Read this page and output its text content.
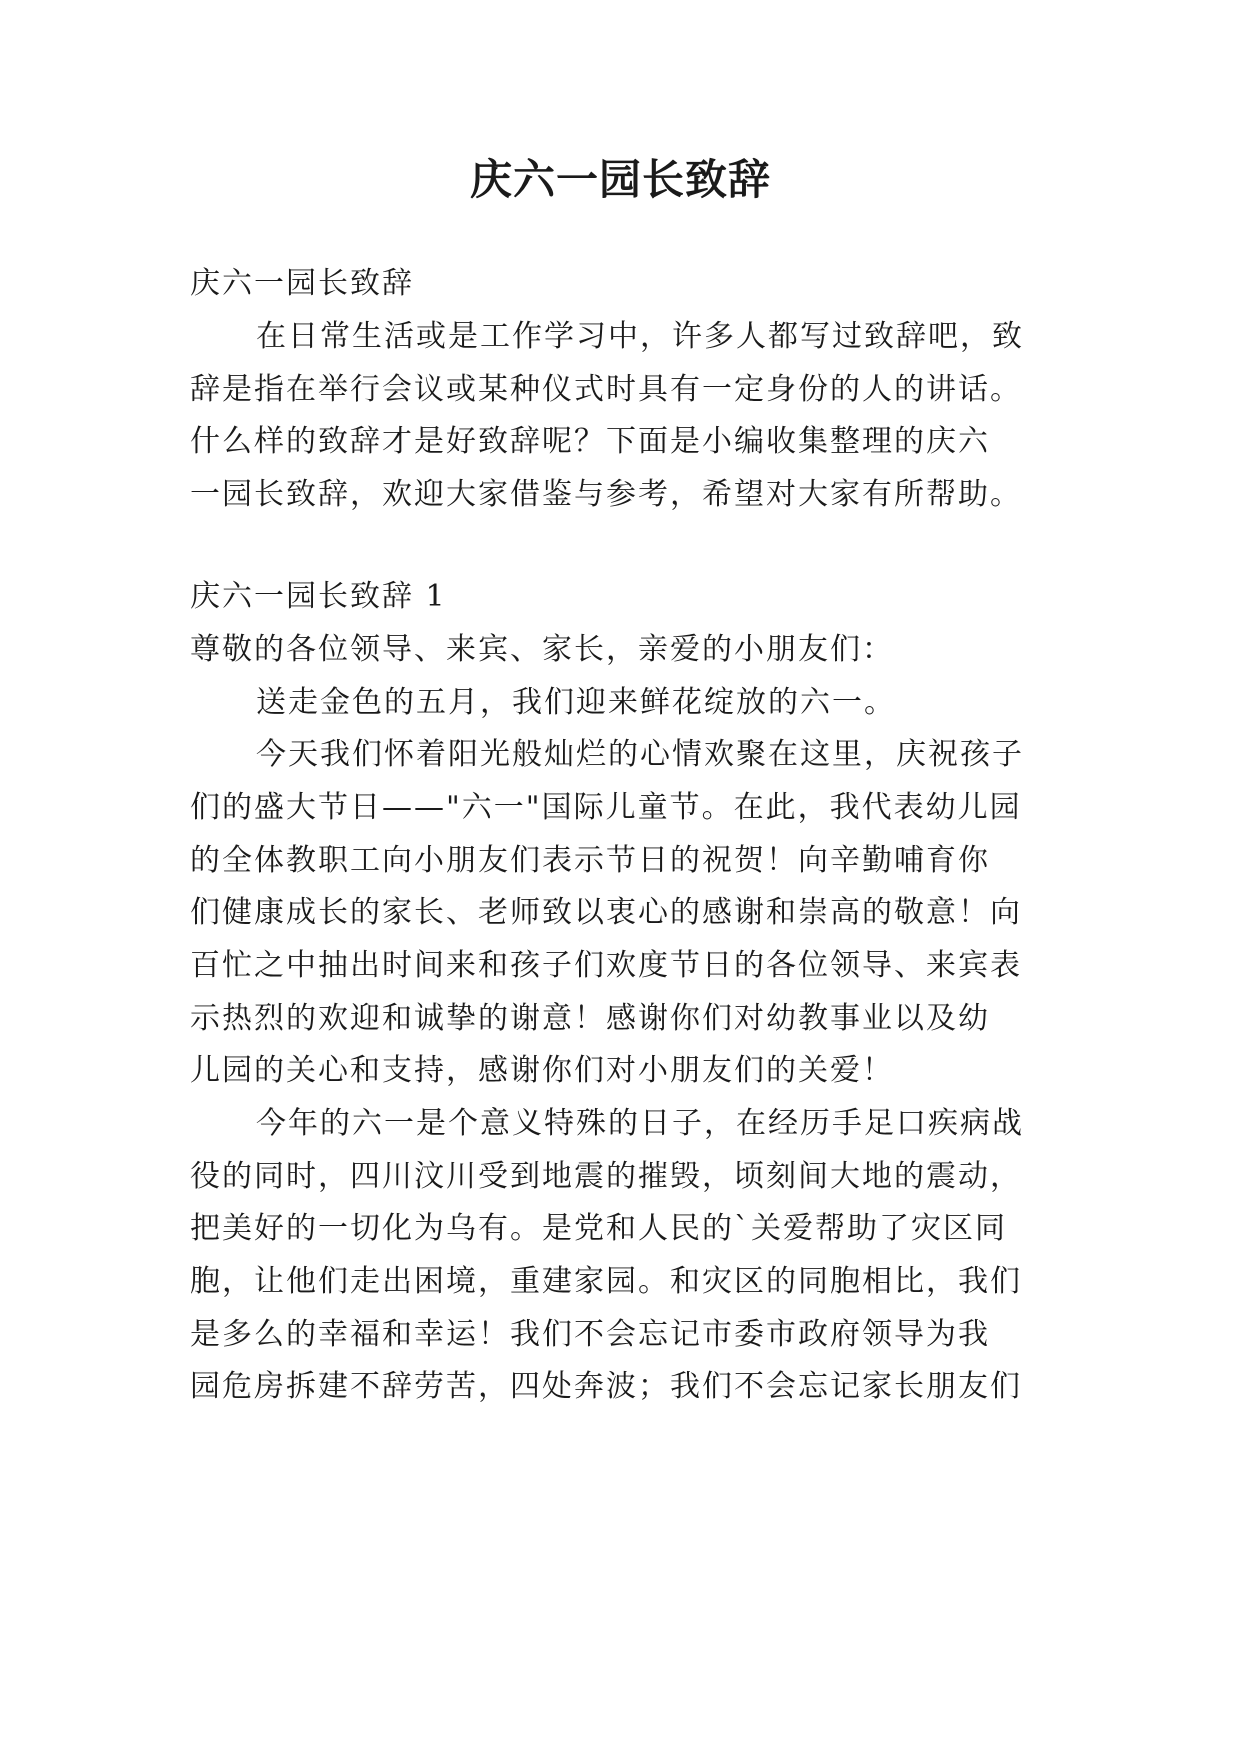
庆六一园长致辞
庆六一园长致辞
在日常生活或是工作学习中，许多人都写过致辞吧，致
辞是指在举行会议或某种仪式时具有一定身份的人的讲话。
什么样的致辞才是好致辞呢？下面是小编收集整理的庆六
一园长致辞，欢迎大家借鉴与参考，希望对大家有所帮助。
庆六一园长致辞 1
尊敬的各位领导、来宾、家长，亲爱的小朋友们：
送走金色的五月，我们迎来鲜花绽放的六一。
今天我们怀着阳光般灿烂的心情欢聚在这里，庆祝孩子
们的盛大节日——"六一"国际儿童节。在此，我代表幼儿园
的全体教职工向小朋友们表示节日的祝贺！向辛勤哺育你
们健康成长的家长、老师致以衷心的感谢和崇高的敬意！向
百忙之中抽出时间来和孩子们欢度节日的各位领导、来宾表
示热烈的欢迎和诚挚的谢意！感谢你们对幼教事业以及幼
儿园的关心和支持，感谢你们对小朋友们的关爱！
今年的六一是个意义特殊的日子，在经历手足口疾病战
役的同时，四川汶川受到地震的摧毁，顷刻间大地的震动，
把美好的一切化为乌有。是党和人民的`关爱帮助了灾区同
胞，让他们走出困境，重建家园。和灾区的同胞相比，我们
是多么的幸福和幸运！我们不会忘记市委市政府领导为我
园危房拆建不辞劳苦，四处奔波；我们不会忘记家长朋友们
